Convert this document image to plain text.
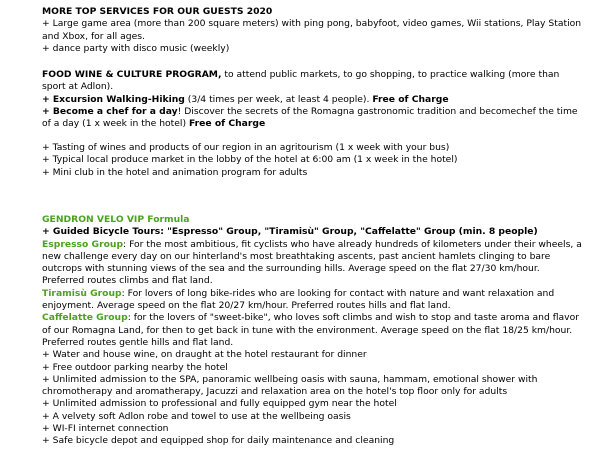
MORE TOP SERVICES FOR OUR GUESTS 2020

+ Large game area (more than 200 square meters) with ping pong, babyfoot, video games, Wii stations, Play Station and Xbox, for all ages.

+ dance party with disco music (weekly)

FOOD WINE & CULTURE PROGRAM, to attend public markets, to go shopping, to practice walking (more than sport at Adlon).

+ Excursion Walking-Hiking (3/4 times per week, at least 4 people). Free of Charge

+ Become a chef for a day! Discover the secrets of the Romagna gastronomic tradition and becomechef the time of a day (1 x week in the hotel) Free of Charge

+ Tasting of wines and products of our region in an agritourism (1 x week with your bus)

+ Typical local produce market in the lobby of the hotel at 6:00 am (1 x week in the hotel)

+ Mini club in the hotel and animation program for adults

GENDRON VELO VIP Formula

+ Guided Bicycle Tours: "Espresso" Group, "Tiramisù" Group, "Caffelatte" Group (min. 8 people)

Espresso Group: For the most ambitious, fit cyclists who have already hundreds of kilometers under their wheels, a new challenge every day on our hinterland's most breathtaking ascents, past ancient hamlets clinging to bare outcrops with stunning views of the sea and the surrounding hills. Average speed on the flat 27/30 km/hour. Preferred routes climbs and flat land.

Tiramisù Group: For lovers of long bike-rides who are looking for contact with nature and want relaxation and enjoyment. Average speed on the flat 20/27 km/hour. Preferred routes hills and flat land.

Caffelatte Group: for the lovers of "sweet-bike", who loves soft climbs and wish to stop and taste aroma and flavor of our Romagna Land, for then to get back in tune with the environment. Average speed on the flat 18/25 km/hour. Preferred routes gentle hills and flat land.

+ Water and house wine, on draught at the hotel restaurant for dinner

+ Free outdoor parking nearby the hotel

+ Unlimited admission to the SPA, panoramic wellbeing oasis with sauna, hammam, emotional shower with chromotherapy and aromatherapy, Jacuzzi and relaxation area on the hotel's top floor only for adults

+ Unlimited admission to professional and fully equipped gym near the hotel

+ A velvety soft Adlon robe and towel to use at the wellbeing oasis

+ WI-FI internet connection

+ Safe bicycle depot and equipped shop for daily maintenance and cleaning
